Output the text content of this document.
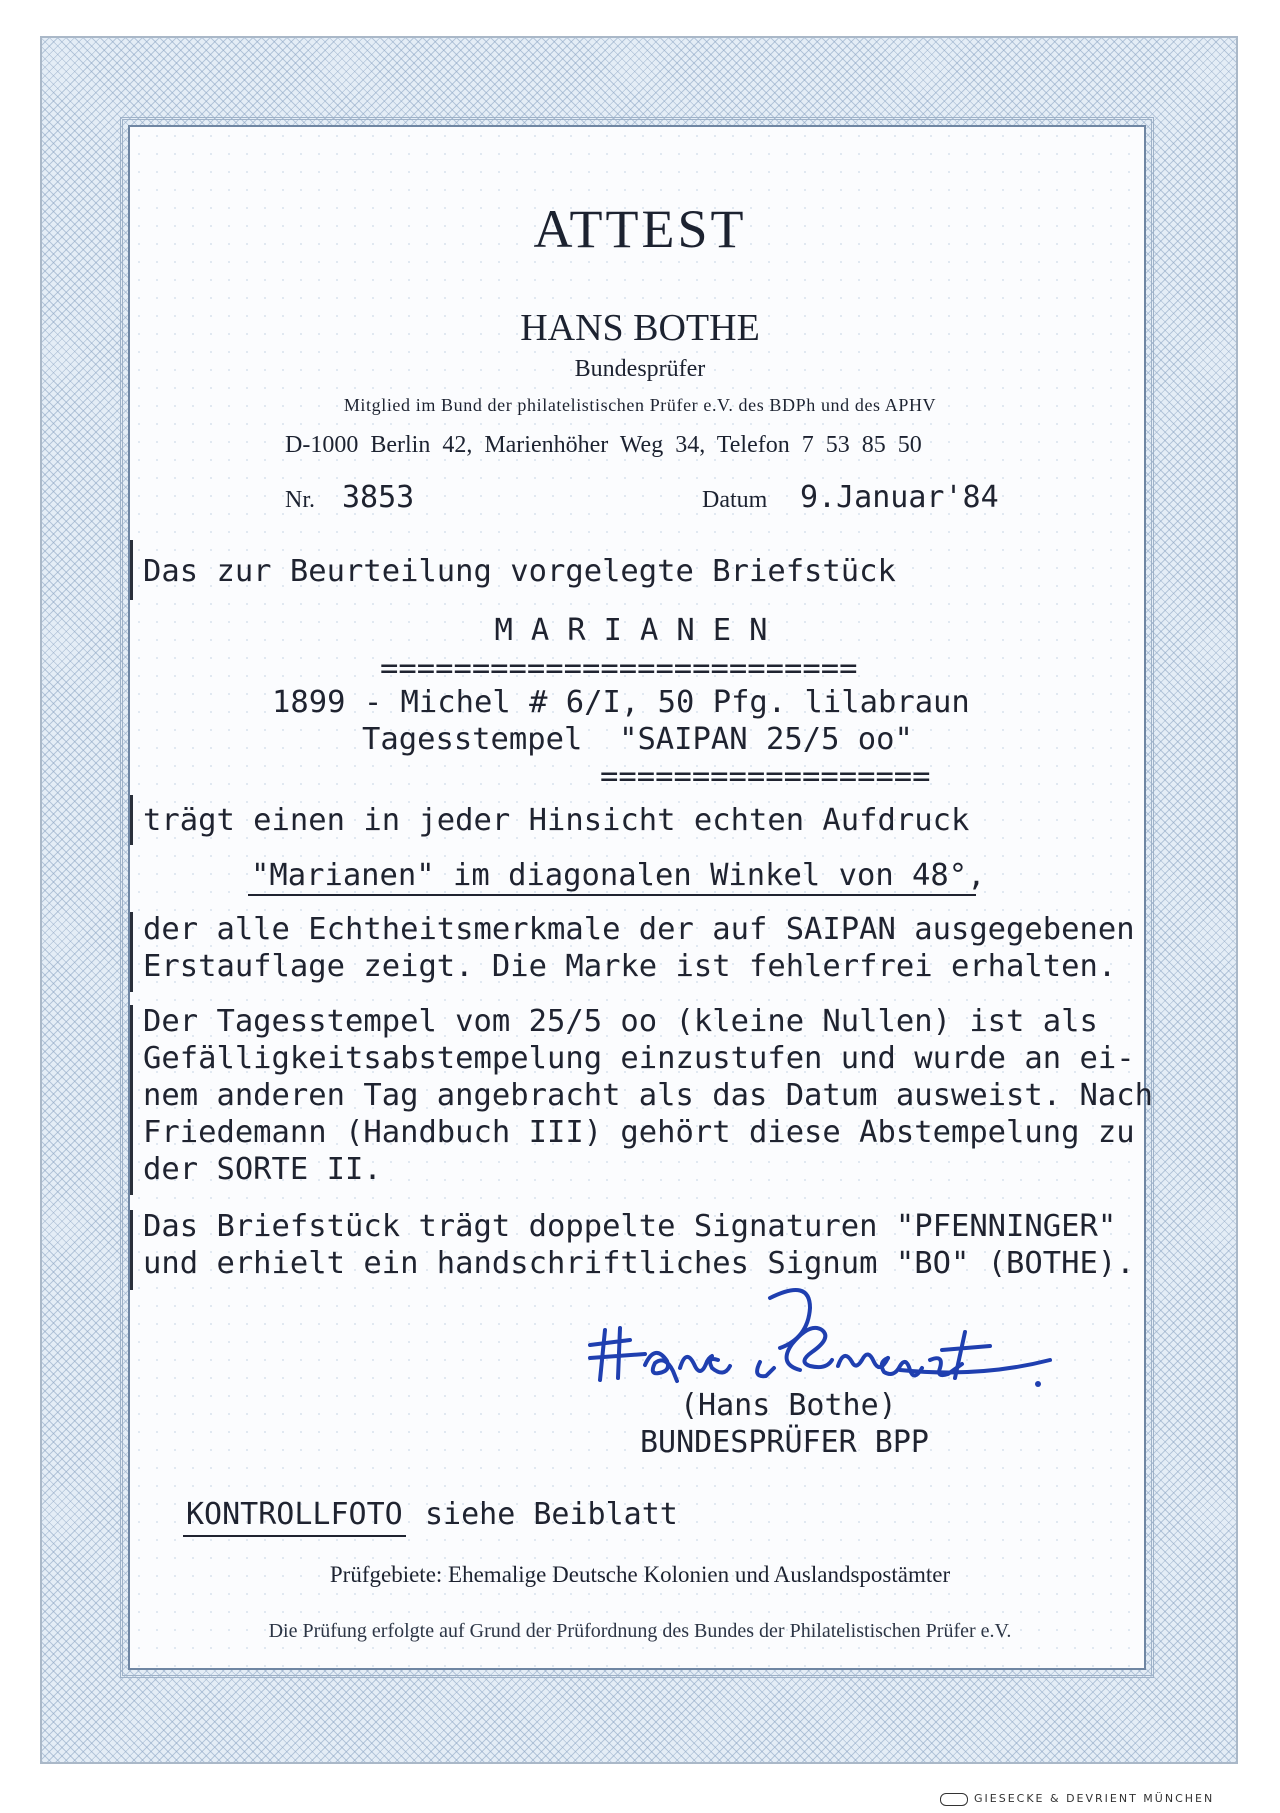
ATTEST
HANS BOTHE
Bundesprüfer
Mitglied im Bund der philatelistischen Prüfer e.V. des BDPh und des APHV
D-1000 Berlin 42, Marienhöher Weg 34, Telefon 7 53 85 50
Nr. 3853	Datum 9.Januar'84
Das zur Beurteilung vorgelegte Briefstück
MARIANEN
==========================
1899 - Michel # 6/I, 50 Pfg. lilabraun
Tagesstempel  "SAIPAN 25/5 oo"
==================
trägt einen in jeder Hinsicht echten Aufdruck
"Marianen" im diagonalen Winkel von 48°,
der alle Echtheitsmerkmale der auf SAIPAN ausgegebenen
Erstauflage zeigt. Die Marke ist fehlerfrei erhalten.
Der Tagesstempel vom 25/5 oo (kleine Nullen) ist als
Gefälligkeitsabstempelung einzustufen und wurde an ei-
nem anderen Tag angebracht als das Datum ausweist. Nach
Friedemann (Handbuch III) gehört diese Abstempelung zu
der SORTE II.
Das Briefstück trägt doppelte Signaturen "PFENNINGER"
und erhielt ein handschriftliches Signum "BO" (BOTHE).
(Hans Bothe)
BUNDESPRÜFER BPP
KONTROLLFOTO siehe Beiblatt
Prüfgebiete: Ehemalige Deutsche Kolonien und Auslandspostämter
Die Prüfung erfolgte auf Grund der Prüfordnung des Bundes der Philatelistischen Prüfer e.V.
GIESECKE & DEVRIENT MÜNCHEN
